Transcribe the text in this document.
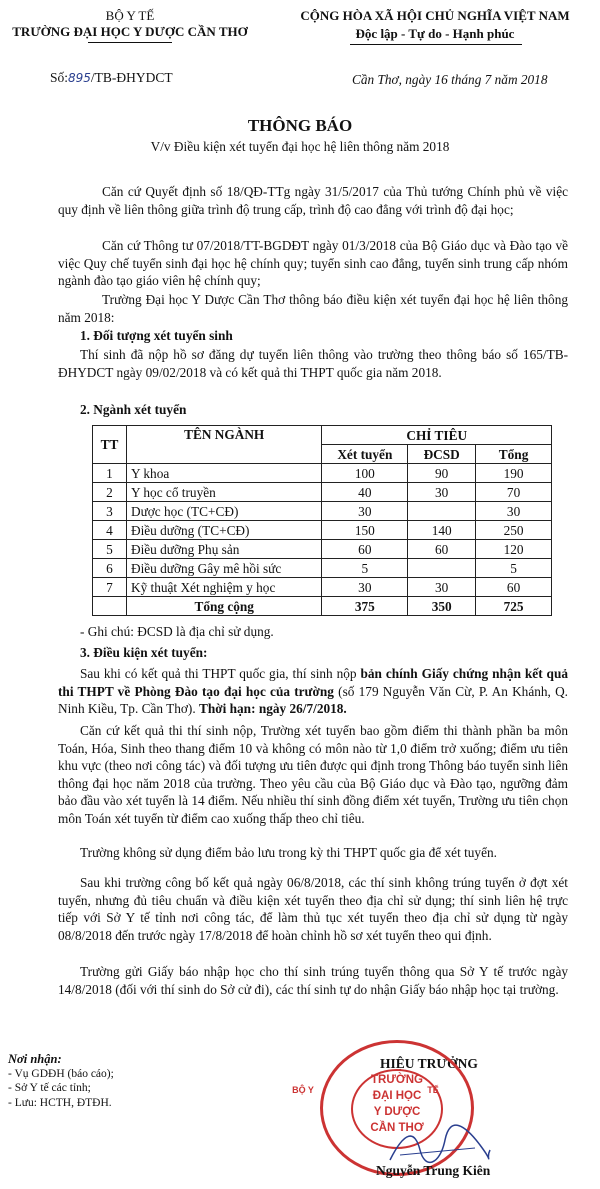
BỘ Y TẾ
TRƯỜNG ĐẠI HỌC Y DƯỢC CẦN THƠ
CỘNG HÒA XÃ HỘI CHỦ NGHĨA VIỆT NAM
Độc lập - Tự do - Hạnh phúc
Số:895/TB-ĐHYDCT	Cần Thơ, ngày 16 tháng 7 năm 2018
THÔNG BÁO
V/v Điều kiện xét tuyển đại học hệ liên thông năm 2018
Căn cứ Quyết định số 18/QĐ-TTg ngày 31/5/2017 của Thủ tướng Chính phủ về việc quy định về liên thông giữa trình độ trung cấp, trình độ cao đẳng với trình độ đại học;
Căn cứ Thông tư 07/2018/TT-BGDĐT ngày 01/3/2018 của Bộ Giáo dục và Đào tạo về việc Quy chế tuyển sinh đại học hệ chính quy; tuyển sinh cao đẳng, tuyển sinh trung cấp nhóm ngành đào tạo giáo viên hệ chính quy;
Trường Đại học Y Dược Cần Thơ thông báo điều kiện xét tuyển đại học hệ liên thông năm 2018:
1. Đối tượng xét tuyển sinh
Thí sinh đã nộp hồ sơ đăng dự tuyển liên thông vào trường theo thông báo số 165/TB-ĐHYDCT ngày 09/02/2018 và có kết quả thi THPT quốc gia năm 2018.
2. Ngành xét tuyển
TT	TÊN NGÀNH	CHỈ TIÊU		
		Xét tuyển	ĐCSD	Tổng
1	Y khoa	100	90	190
2	Y học cổ truyền	40	30	70
3	Dược học (TC+CĐ)	30		30
4	Điều dưỡng (TC+CĐ)	150	140	250
5	Điều dưỡng Phụ sản	60	60	120
6	Điều dưỡng Gây mê hồi sức	5		5
7	Kỹ thuật Xét nghiệm y học	30	30	60
	Tổng cộng	375	350	725
- Ghi chú: ĐCSD là địa chỉ sử dụng.
3. Điều kiện xét tuyển:
Sau khi có kết quả thi THPT quốc gia, thí sinh nộp bản chính Giấy chứng nhận kết quả thi THPT về Phòng Đào tạo đại học của trường (số 179 Nguyễn Văn Cừ, P. An Khánh, Q. Ninh Kiều, Tp. Cần Thơ). Thời hạn: ngày 26/7/2018.
Căn cứ kết quả thi thí sinh nộp, Trường xét tuyển bao gồm điểm thi thành phần ba môn Toán, Hóa, Sinh theo thang điểm 10 và không có môn nào từ 1,0 điểm trở xuống; điểm ưu tiên khu vực (theo nơi công tác) và đối tượng ưu tiên được qui định trong Thông báo tuyển sinh liên thông đại học năm 2018 của trường. Theo yêu cầu của Bộ Giáo dục và Đào tạo, ngưỡng đảm bảo đầu vào xét tuyển là 14 điểm. Nếu nhiều thí sinh đồng điểm xét tuyển, Trường ưu tiên chọn môn Toán xét tuyển từ điểm cao xuống thấp theo chỉ tiêu.
Trường không sử dụng điểm bảo lưu trong kỳ thi THPT quốc gia để xét tuyển.
Sau khi trường công bố kết quả ngày 06/8/2018, các thí sinh không trúng tuyển ở đợt xét tuyển, nhưng đủ tiêu chuẩn và điều kiện xét tuyển theo địa chỉ sử dụng; thí sinh liên hệ trực tiếp với Sở Y tế tỉnh nơi công tác, để làm thủ tục xét tuyển theo địa chỉ sử dụng từ ngày 08/8/2018 đến trước ngày 17/8/2018 để hoàn chỉnh hồ sơ xét tuyển theo qui định.
Trường gửi Giấy báo nhập học cho thí sinh trúng tuyển thông qua Sở Y tế trước ngày 14/8/2018 (đối với thí sinh do Sở cử đi), các thí sinh tự do nhận Giấy báo nhập học tại trường.
Nơi nhận:
- Vụ GDĐH (báo cáo);
- Sở Y tế các tỉnh;
- Lưu: HCTH, ĐTĐH.
HIỆU TRƯỞNG
TRƯỜNG
ĐẠI HỌC
Y DƯỢC
CẦN THƠ
BỘ Y	TẾ
Nguyễn Trung Kiên
